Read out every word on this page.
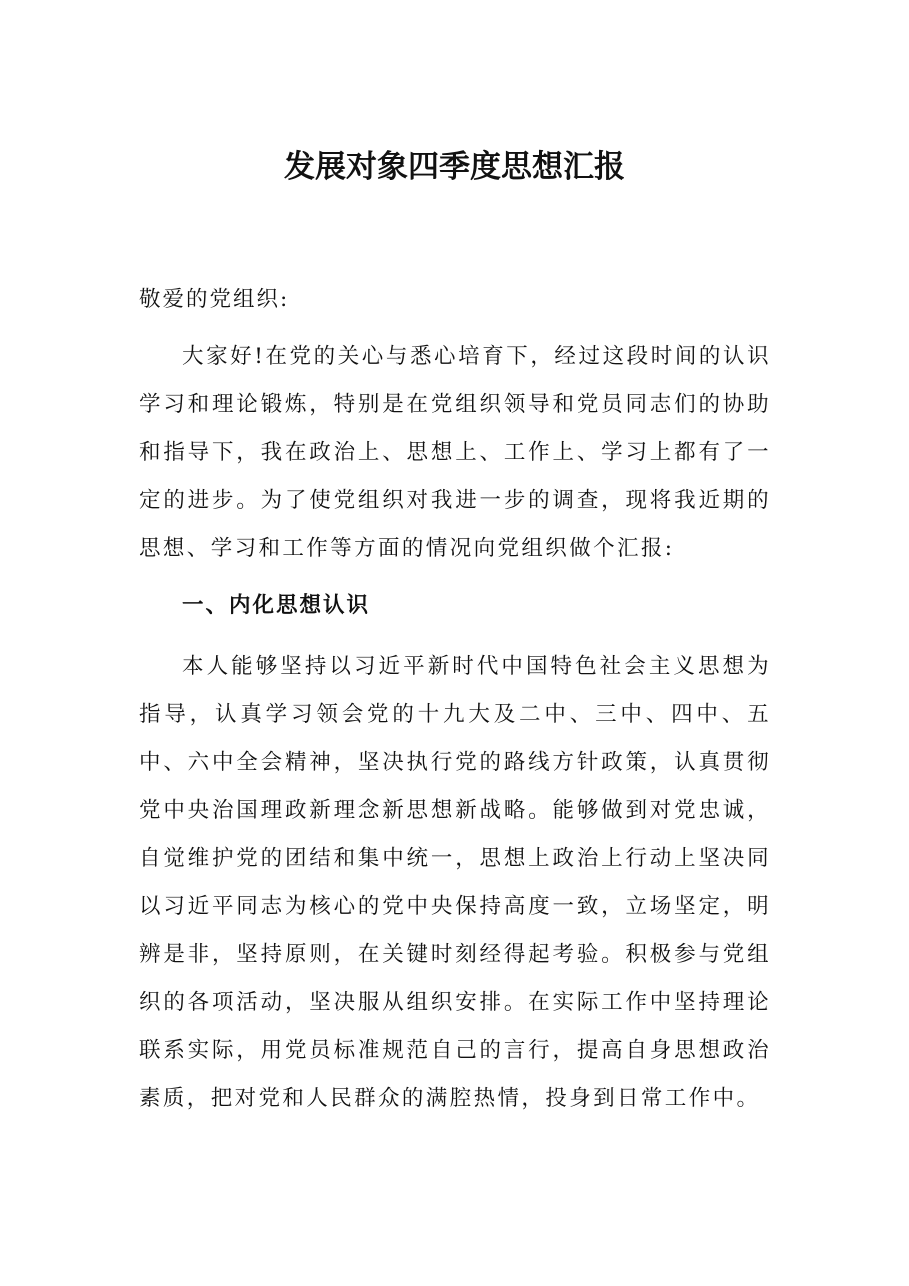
发展对象四季度思想汇报

敬爱的党组织:

大家好!在党的关心与悉心培育下，经过这段时间的认识学习和理论锻炼，特别是在党组织领导和党员同志们的协助和指导下，我在政治上、思想上、工作上、学习上都有了一定的进步。为了使党组织对我进一步的调查，现将我近期的思想、学习和工作等方面的情况向党组织做个汇报:

一、内化思想认识

本人能够坚持以习近平新时代中国特色社会主义思想为指导，认真学习领会党的十九大及二中、三中、四中、五中、六中全会精神，坚决执行党的路线方针政策，认真贯彻党中央治国理政新理念新思想新战略。能够做到对党忠诚，自觉维护党的团结和集中统一，思想上政治上行动上坚决同以习近平同志为核心的党中央保持高度一致，立场坚定，明辨是非，坚持原则，在关键时刻经得起考验。积极参与党组织的各项活动，坚决服从组织安排。在实际工作中坚持理论联系实际，用党员标准规范自己的言行，提高自身思想政治素质，把对党和人民群众的满腔热情，投身到日常工作中。
